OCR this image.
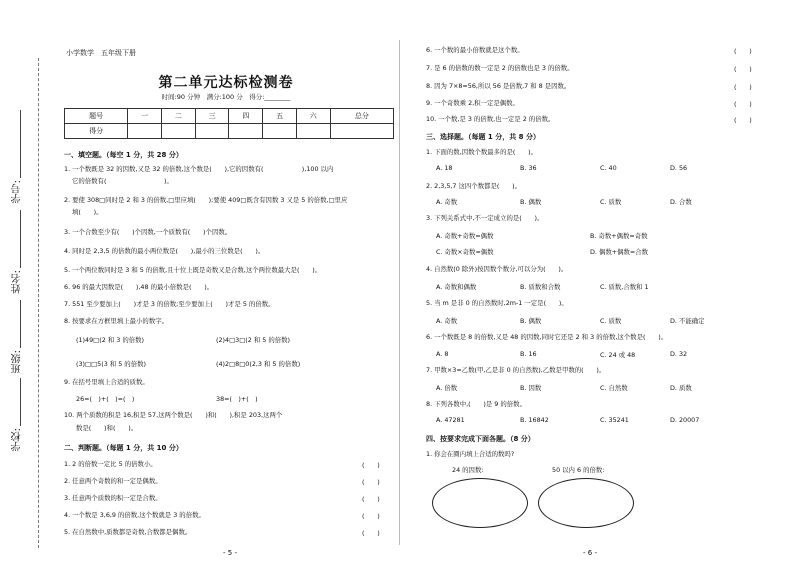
学号:
姓名:
班级:
学校:
小学数学　五年级下册
第二单元达标检测卷
时间:90 分钟　满分:100 分　得分:________
题号	一	二	三	四	五	六	总分
得分							
一、填空题。（每空 1 分，共 28 分）
1. 一个数既是 32 的因数,又是 32 的倍数,这个数是(　　),它的因数有(　　　　　　),100 以内
它的倍数有(　　　　　　　　　)。
2. 要使 308□同时是 2 和 3 的倍数,□里应填(　　);要使 409□既含有因数 3 又是 5 的倍数,□里应
填(　　)。
3. 一个合数至少有(　　)个因数,一个质数有(　　)个因数。
4. 同时是 2,3,5 的倍数的最小两位数是(　　),最小的三位数是(　　)。
5. 一个两位数同时是 3 和 5 的倍数,且十位上既是奇数又是合数,这个两位数最大是(　　)。
6. 96 的最大因数是(　　),48 的最小倍数是(　　)。
7. 551 至少要加上(　　)才是 3 的倍数;至少要加上(　　)才是 5 的倍数。
8. 按要求在方框里填上最小的数字。
(1)49□(2 和 3 的倍数)	(2)4□3□(2 和 5 的倍数)
(3)□□5(3 和 5 的倍数)	(4)2□8□0(2,3 和 5 的倍数)
9. 在括号里填上合适的质数。
26=(　)+(　)=(　)	38=(　)+(　)
10. 两个质数的积是 16,积是 57,这两个数是(　　)和(　　),积是 203,这两个
数是(　　)和(　　)。
二、判断题。（每题 1 分，共 10 分）
1. 2 的倍数一定比 5 的倍数小。	(　　)
2. 任意两个奇数的和一定是偶数。	(　　)
3. 任意两个质数的积一定是合数。	(　　)
4. 一个数是 3,6,9 的倍数,这个数就是 3 的倍数。	(　　)
5. 在自然数中,质数都是奇数,合数都是偶数。	(　　)
- 5 -
6. 一个数的最小倍数就是这个数。	(　　)
7. 是 6 的倍数的数一定是 2 的倍数也是 3 的倍数。	(　　)
8. 因为 7×8=56,所以 56 是倍数,7 和 8 是因数。	(　　)
9. 一个奇数乘 2,积一定是偶数。	(　　)
10. 一个数,是 3 的倍数,也一定是 2 的倍数。	(　　)
三、选择题。（每题 1 分，共 8 分）
1. 下面的数,因数个数最多的是(　　)。
A. 18	B. 36	C. 40	D. 56
2. 2,3,5,7 这四个数都是(　　)。
A. 奇数	B. 偶数	C. 质数	D. 合数
3. 下列关系式中,不一定成立的是(　　)。
A. 奇数+奇数=偶数	B. 奇数+偶数=奇数
C. 奇数×奇数=偶数	D. 偶数+偶数=合数
4. 自然数(0 除外)按因数个数分,可以分为(　　)。
A. 奇数和偶数	B. 质数和合数	C. 质数,合数和 1
5. 当 m 是非 0 的自然数时,2m-1 一定是(　　)。
A. 奇数	B. 偶数	C. 质数	D. 不能确定
6. 一个数既是 8 的倍数,又是 48 的因数,同时它还是 2 和 3 的倍数,这个数是(　　)。
A. 8	B. 16	C. 24 或 48	D. 32
7. 甲数×3=乙数(甲,乙是非 0 的自然数),乙数是甲数的(　　)。
A. 倍数	B. 因数	C. 自然数	D. 质数
8. 下列各数中,(　　)是 9 的倍数。
A. 47281	B. 16842	C. 35241	D. 20007
四、按要求完成下面各题。（8 分）
1. 你会在圈内填上合适的数吗?
24 的因数:	50 以内 6 的倍数:
- 6 -
